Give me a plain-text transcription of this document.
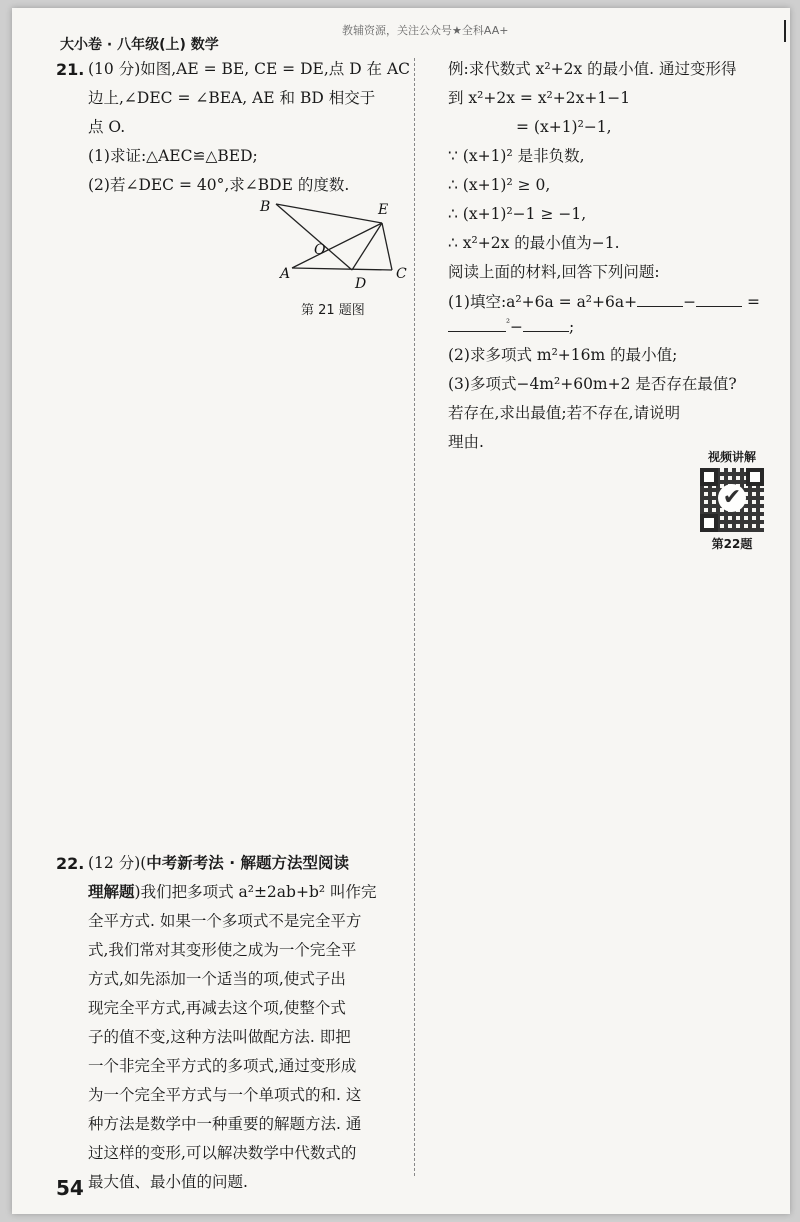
大小卷 · 八年级(上) 数学
教辅资源，关注公众号★全科AA+
21. (10 分)如图,AE = BE, CE = DE,点 D 在 AC
边上,∠DEC = ∠BEA, AE 和 BD 相交于
点 O.
(1)求证:△AEC≌△BED;
(2)若∠DEC = 40°,求∠BDE 的度数.
B	E
O
A
D
C
第 21 题图
22. (12 分)(中考新考法 · 解题方法型阅读
理解题)我们把多项式 a²±2ab+b² 叫作完
全平方式. 如果一个多项式不是完全平方
式,我们常对其变形使之成为一个完全平
方式,如先添加一个适当的项,使式子出
现完全平方式,再减去这个项,使整个式
子的值不变,这种方法叫做配方法. 即把
一个非完全平方式的多项式,通过变形成
为一个完全平方式与一个单项式的和. 这
种方法是数学中一种重要的解题方法. 通
过这样的变形,可以解决数学中代数式的
最大值、最小值的问题.
例:求代数式 x²+2x 的最小值. 通过变形得
到 x²+2x = x²+2x+1−1
= (x+1)²−1,
∵ (x+1)² 是非负数,
∴ (x+1)² ≥ 0,
∴ (x+1)²−1 ≥ −1,
∴ x²+2x 的最小值为−1.
阅读上面的材料,回答下列问题:
(1)填空:a²+6a = a²+6a+	−	=
$^{^2}$−	;
(2)求多项式 m²+16m 的最小值;
(3)多项式−4m²+60m+2 是否存在最值?
若存在,求出最值;若不存在,请说明
理由.
视频讲解
✔
第22题
54
